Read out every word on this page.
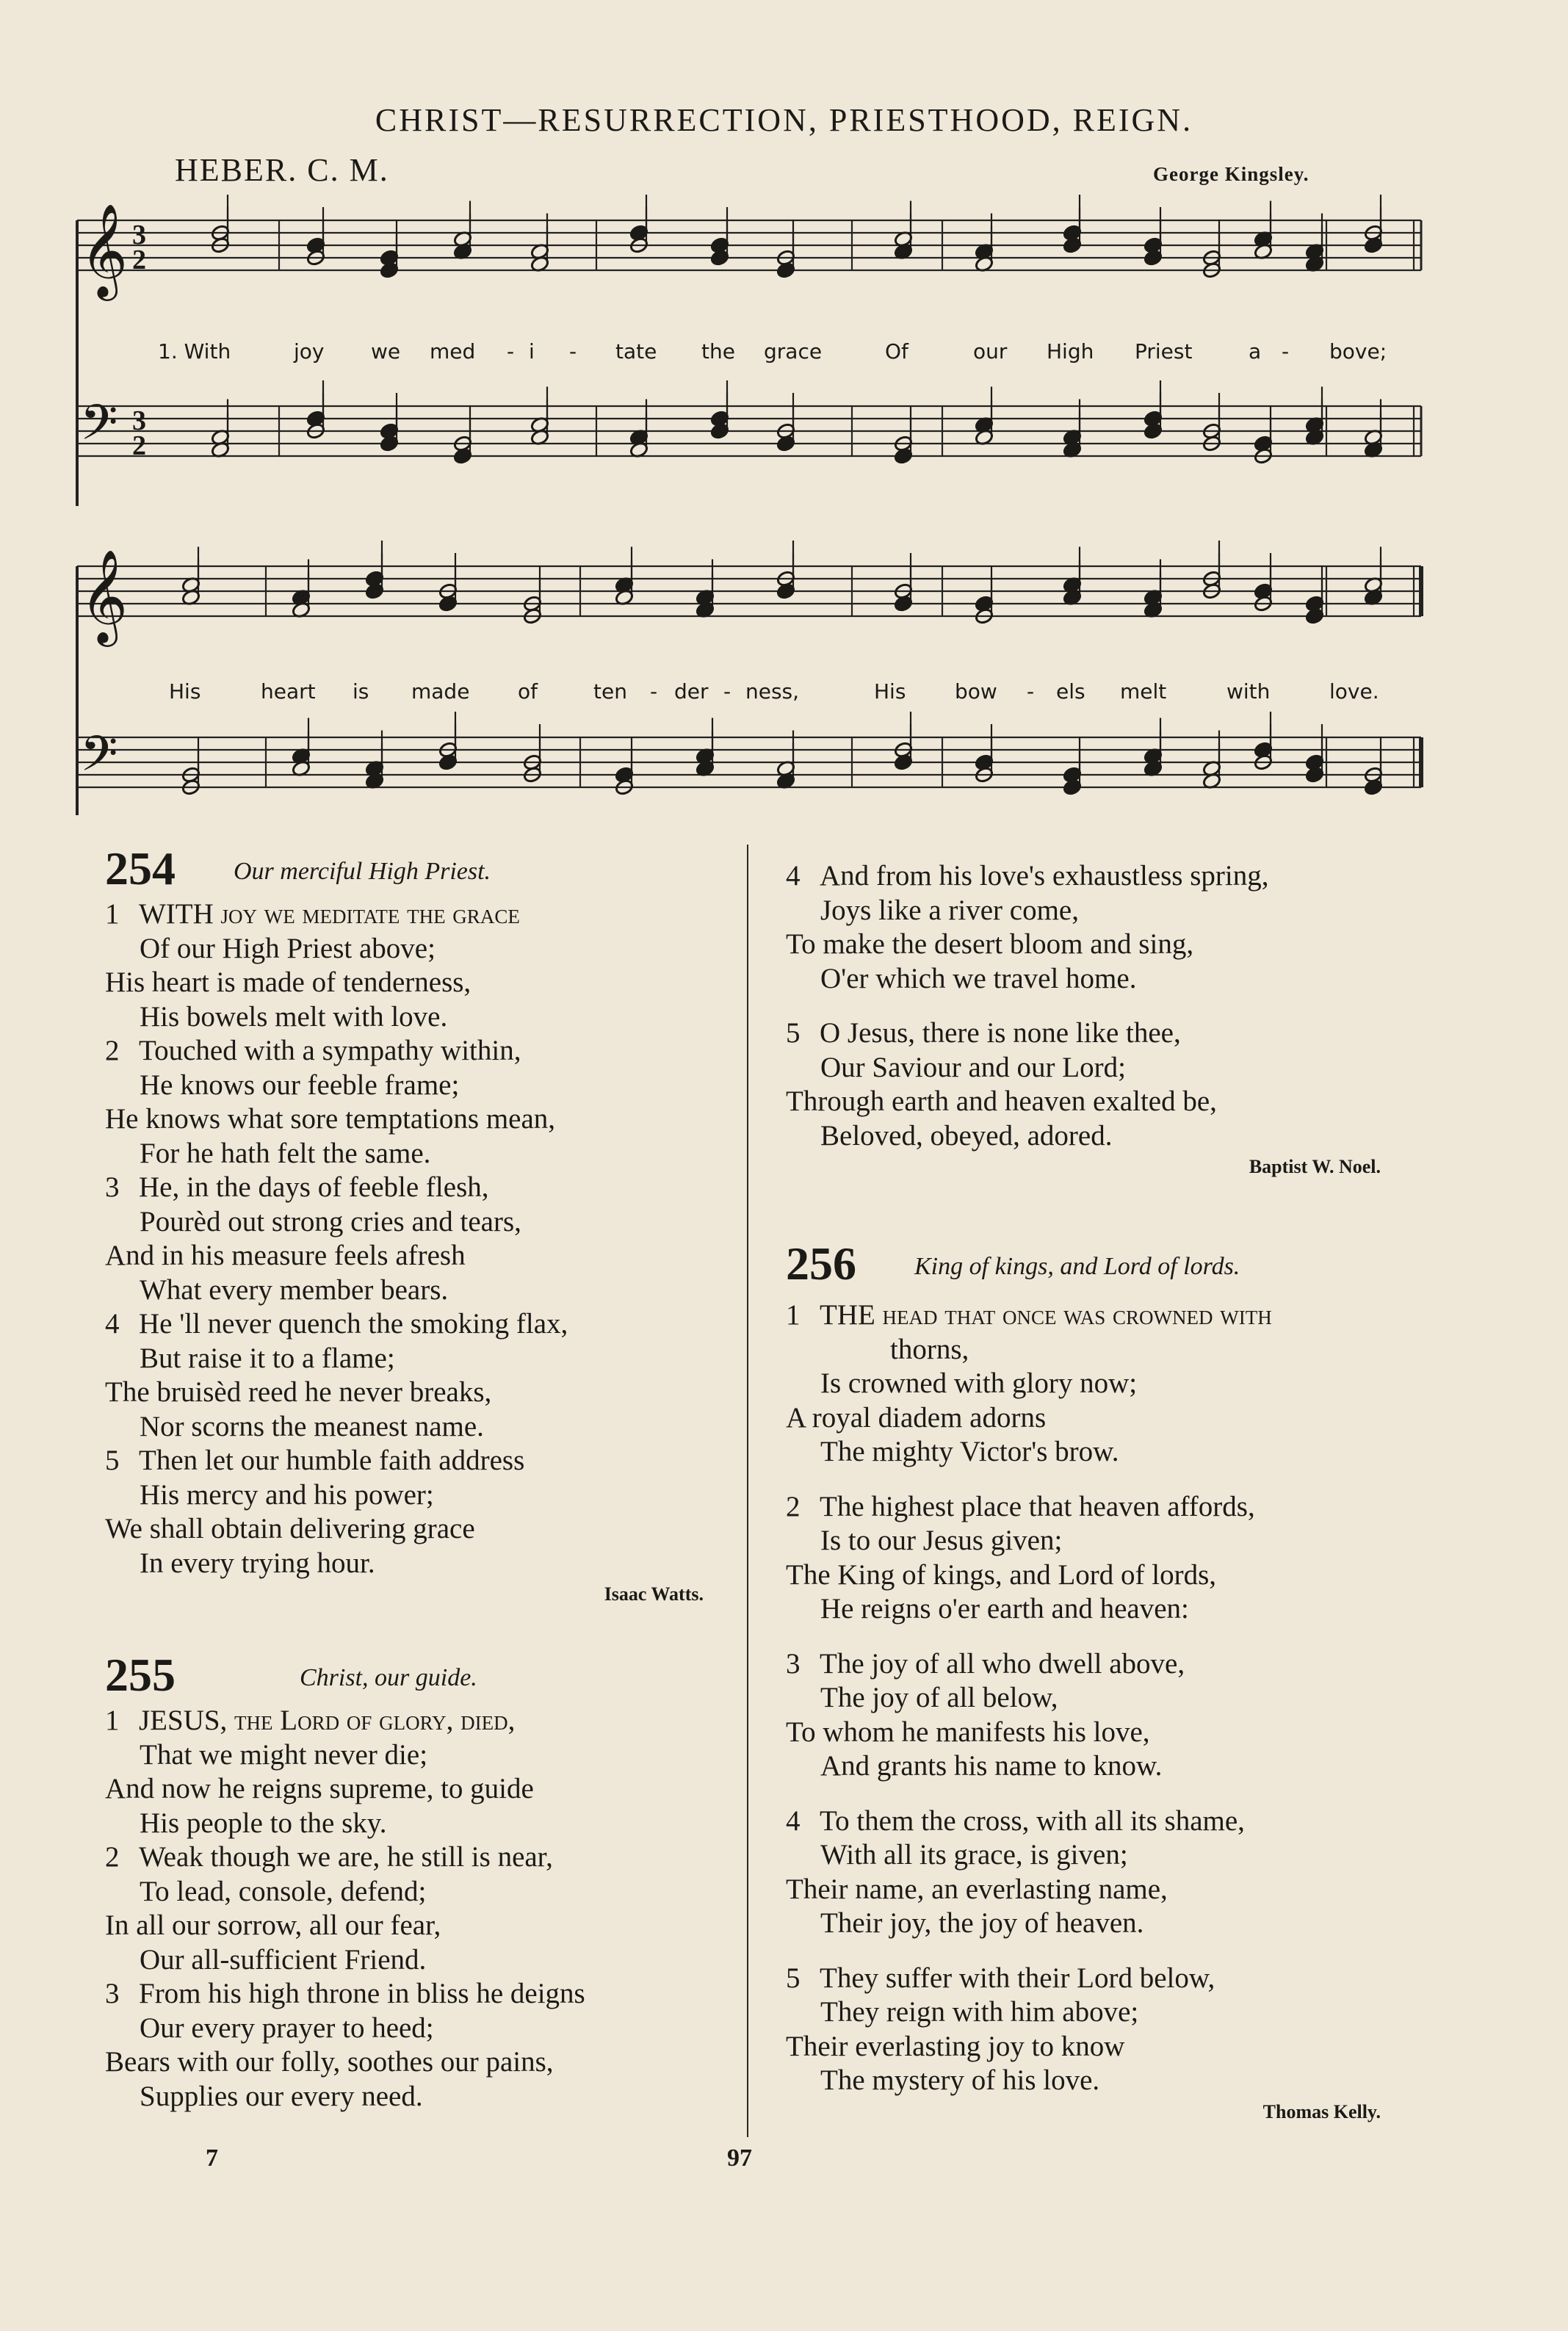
CHRIST—RESURRECTION, PRIESTHOOD, REIGN.
HEBER. C. M.	George Kingsley.
𝄞
𝄞
𝄢
𝄢
3
2
3
2
1. With	joy we med - i - tate the grace	Of	our High Priest	a - bove;
His	heart is made of	ten - der - ness,	His bow - els melt	with	love.
254 Our merciful High Priest.
1 WITH joy we meditate the grace
Of our High Priest above;
His heart is made of tenderness,
His bowels melt with love.
2 Touched with a sympathy within,
He knows our feeble frame;
He knows what sore temptations mean,
For he hath felt the same.
3 He, in the days of feeble flesh,
Pourèd out strong cries and tears,
And in his measure feels afresh
What every member bears.
4 He 'll never quench the smoking flax,
But raise it to a flame;
The bruisèd reed he never breaks,
Nor scorns the meanest name.
5 Then let our humble faith address
His mercy and his power;
We shall obtain delivering grace
In every trying hour.
Isaac Watts.
255	Christ, our guide.
1 JESUS, the Lord of glory, died,
That we might never die;
And now he reigns supreme, to guide
His people to the sky.
2 Weak though we are, he still is near,
To lead, console, defend;
In all our sorrow, all our fear,
Our all-sufficient Friend.
3 From his high throne in bliss he deigns
Our every prayer to heed;
Bears with our folly, soothes our pains,
Supplies our every need.
4 And from his love's exhaustless spring,
Joys like a river come,
To make the desert bloom and sing,
O'er which we travel home.
5 O Jesus, there is none like thee,
Our Saviour and our Lord;
Through earth and heaven exalted be,
Beloved, obeyed, adored.
Baptist W. Noel.
256 King of kings, and Lord of lords.
1 THE head that once was crowned with
thorns,
Is crowned with glory now;
A royal diadem adorns
The mighty Victor's brow.
2 The highest place that heaven affords,
Is to our Jesus given;
The King of kings, and Lord of lords,
He reigns o'er earth and heaven:
3 The joy of all who dwell above,
The joy of all below,
To whom he manifests his love,
And grants his name to know.
4 To them the cross, with all its shame,
With all its grace, is given;
Their name, an everlasting name,
Their joy, the joy of heaven.
5 They suffer with their Lord below,
They reign with him above;
Their everlasting joy to know
The mystery of his love.
Thomas Kelly.
7	97
